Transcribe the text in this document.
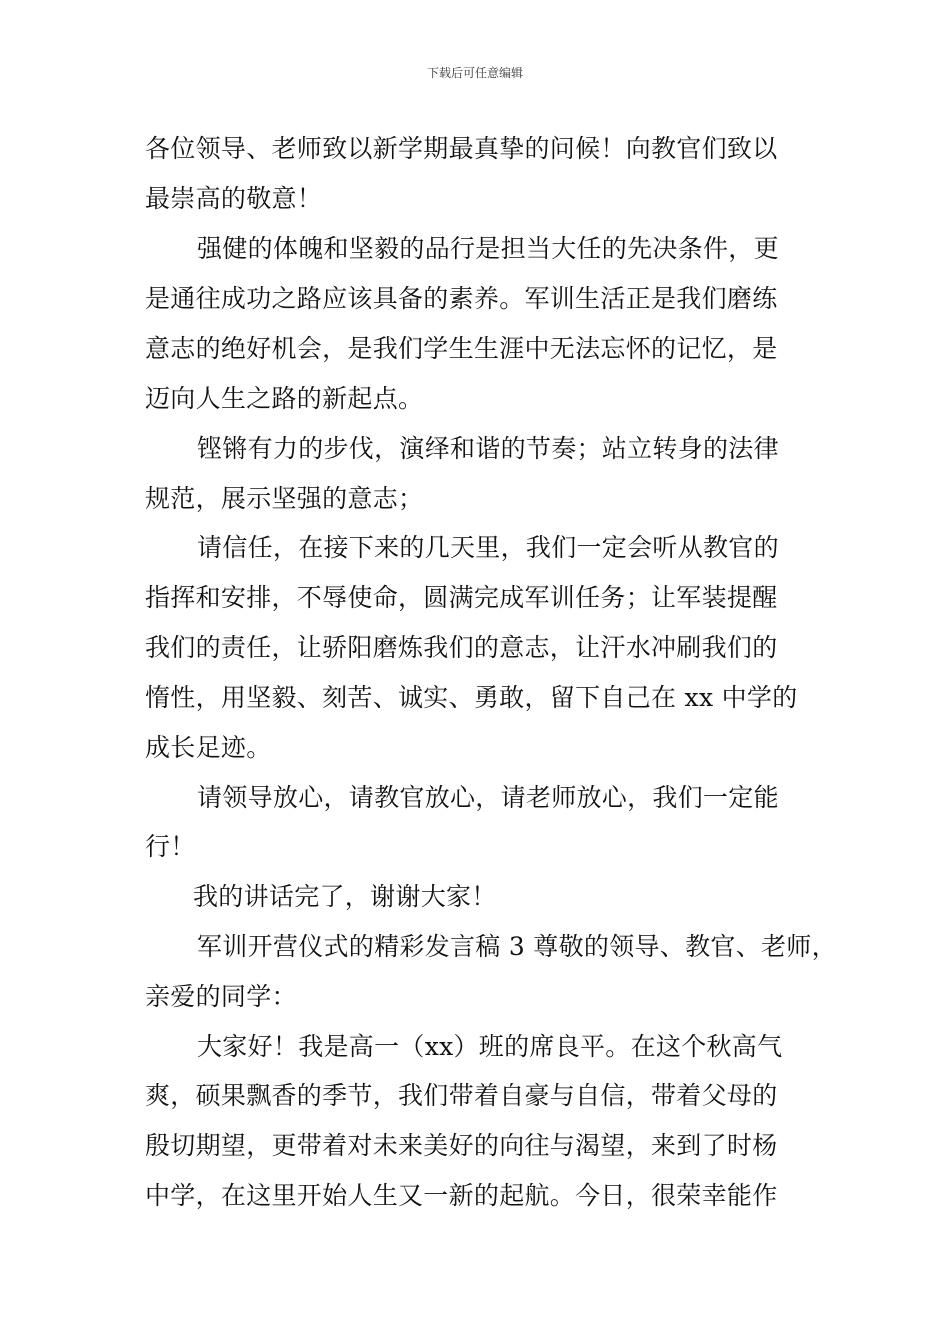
下载后可任意编辑

各位领导、老师致以新学期最真挚的问候！向教官们致以

最崇高的敬意！

强健的体魄和坚毅的品行是担当大任的先决条件，更

是通往成功之路应该具备的素养。军训生活正是我们磨练

意志的绝好机会，是我们学生生涯中无法忘怀的记忆，是

迈向人生之路的新起点。

铿锵有力的步伐，演绎和谐的节奏；站立转身的法律

规范，展示坚强的意志；

请信任，在接下来的几天里，我们一定会听从教官的

指挥和安排，不辱使命，圆满完成军训任务；让军装提醒

我们的责任，让骄阳磨炼我们的意志，让汗水冲刷我们的

惰性，用坚毅、刻苦、诚实、勇敢，留下自己在 xx 中学的

成长足迹。

请领导放心，请教官放心，请老师放心，我们一定能

行！

我的讲话完了，谢谢大家！

军训开营仪式的精彩发言稿 3 尊敬的领导、教官、老师，

亲爱的同学：

大家好！我是高一（xx）班的席良平。在这个秋高气

爽，硕果飘香的季节，我们带着自豪与自信，带着父母的

殷切期望，更带着对未来美好的向往与渴望，来到了时杨

中学，在这里开始人生又一新的起航。今日，很荣幸能作
